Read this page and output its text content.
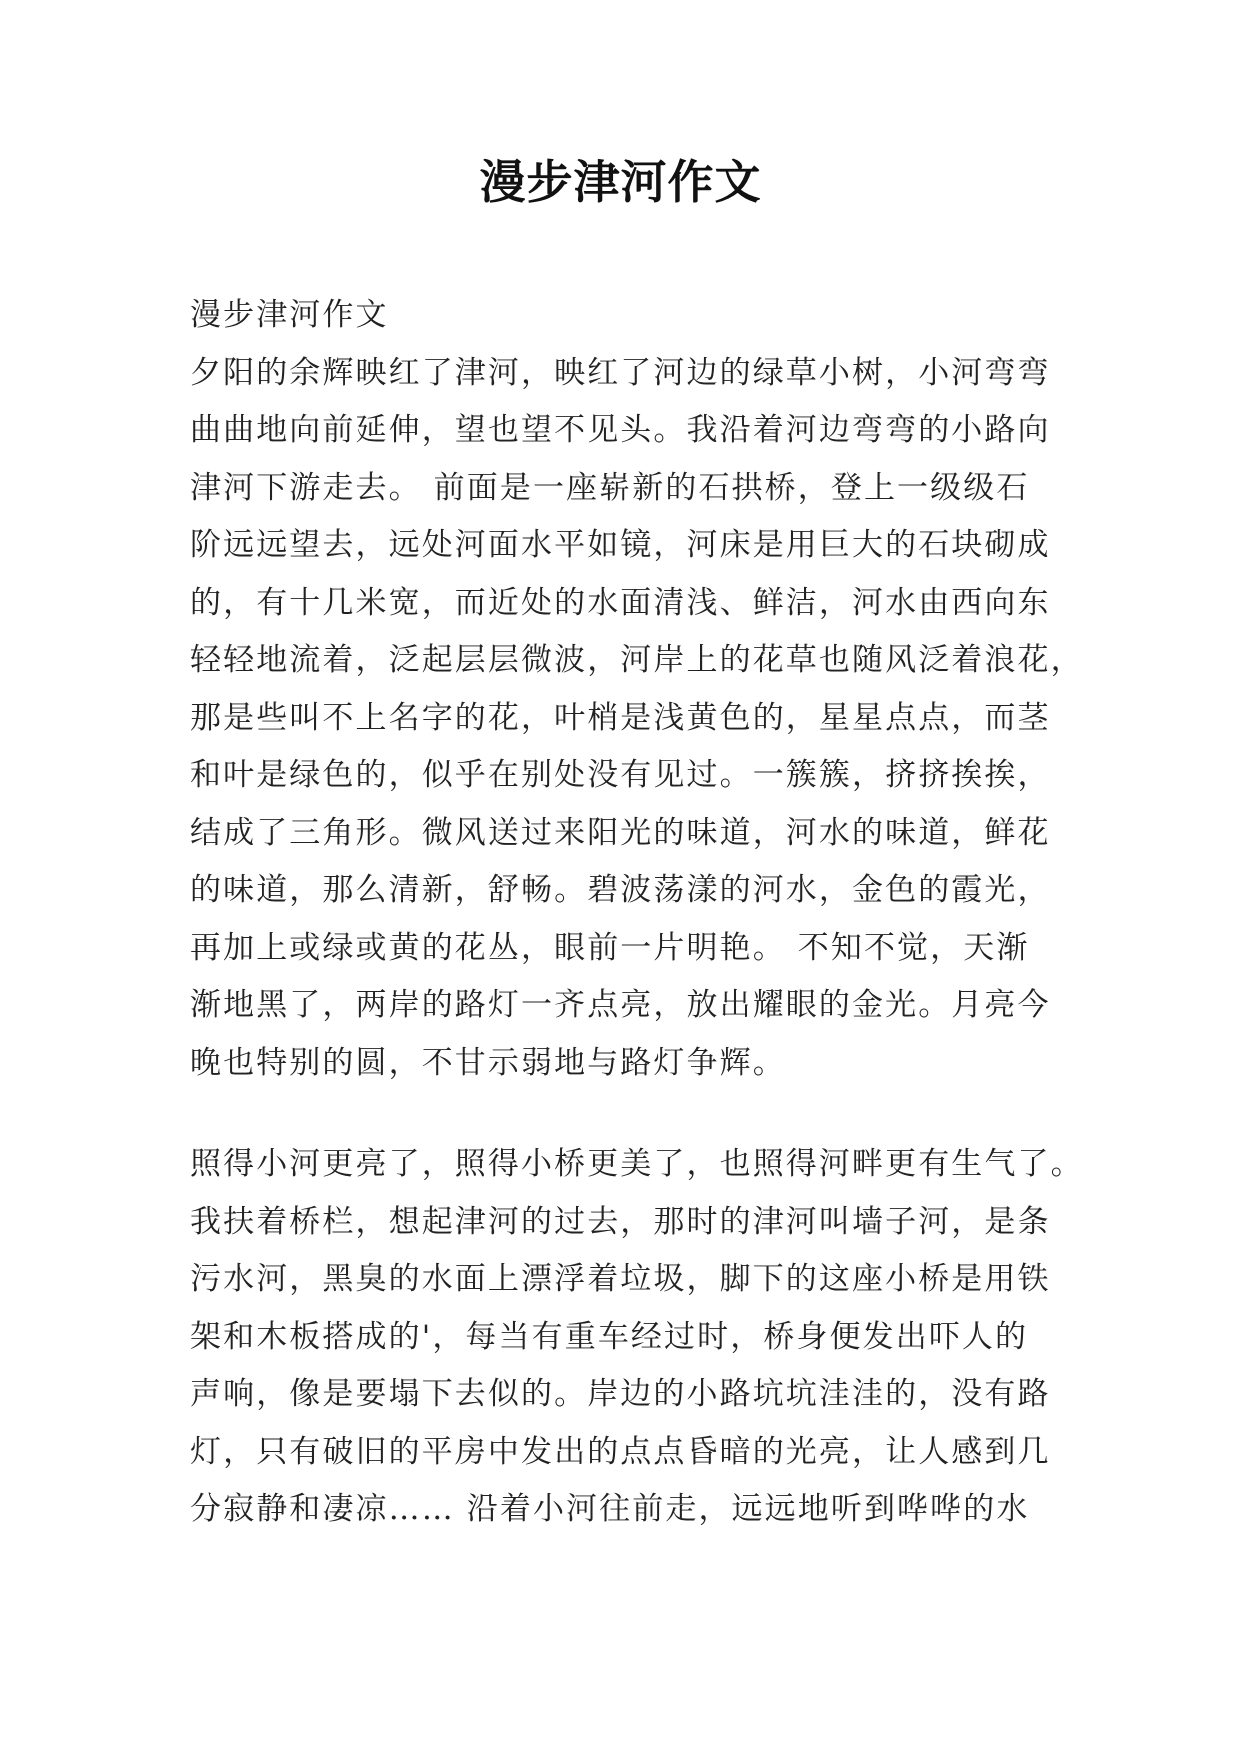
漫步津河作文
漫步津河作文
夕阳的余辉映红了津河，映红了河边的绿草小树，小河弯弯
曲曲地向前延伸，望也望不见头。我沿着河边弯弯的小路向
津河下游走去。 前面是一座崭新的石拱桥，登上一级级石
阶远远望去，远处河面水平如镜，河床是用巨大的石块砌成
的，有十几米宽，而近处的水面清浅、鲜洁，河水由西向东
轻轻地流着，泛起层层微波，河岸上的花草也随风泛着浪花，
那是些叫不上名字的花，叶梢是浅黄色的，星星点点，而茎
和叶是绿色的，似乎在别处没有见过。一簇簇，挤挤挨挨，
结成了三角形。微风送过来阳光的味道，河水的味道，鲜花
的味道，那么清新，舒畅。碧波荡漾的河水，金色的霞光，
再加上或绿或黄的花丛，眼前一片明艳。 不知不觉，天渐
渐地黑了，两岸的路灯一齐点亮，放出耀眼的金光。月亮今
晚也特别的圆，不甘示弱地与路灯争辉。
照得小河更亮了，照得小桥更美了，也照得河畔更有生气了。
我扶着桥栏，想起津河的过去，那时的津河叫墙子河，是条
污水河，黑臭的水面上漂浮着垃圾，脚下的这座小桥是用铁
架和木板搭成的'，每当有重车经过时，桥身便发出吓人的
声响，像是要塌下去似的。岸边的小路坑坑洼洼的，没有路
灯，只有破旧的平房中发出的点点昏暗的光亮，让人感到几
分寂静和凄凉…… 沿着小河往前走，远远地听到哗哗的水
